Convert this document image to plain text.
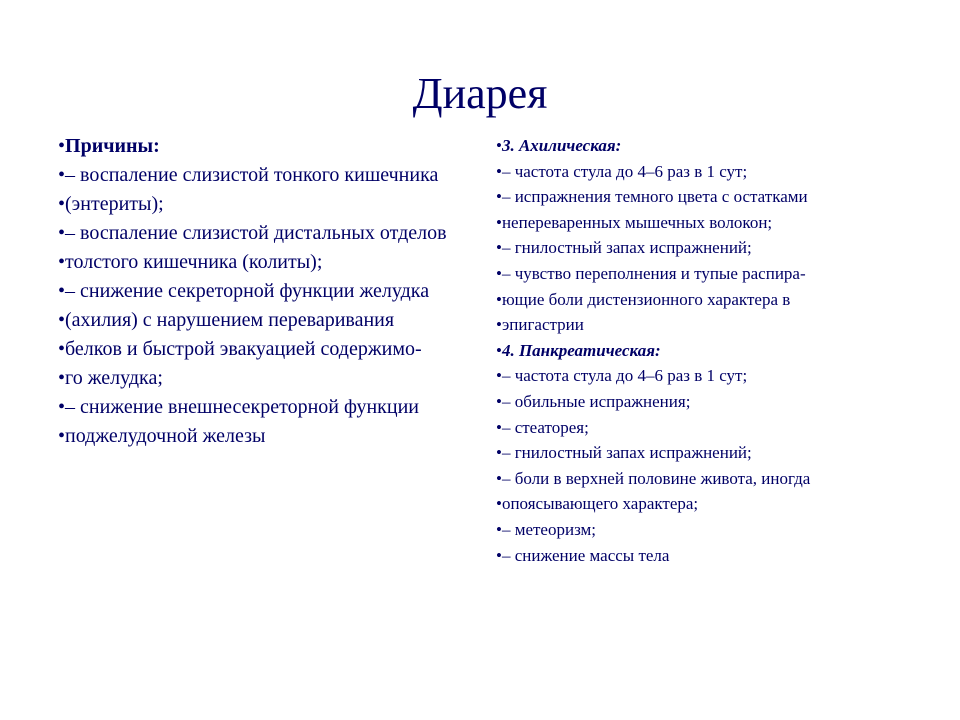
Диарея

•Причины:

•– воспаление слизистой тонкого кишечника

•(энтериты);

•– воспаление слизистой дистальных отделов

•толстого кишечника (колиты);

•– снижение секреторной функции желудка

•(ахилия) с нарушением переваривания

•белков и быстрой эвакуацией содержимо-

•го желудка;

•– снижение внешнесекреторной функции

•поджелудочной железы

•3. Ахилическая:

•– частота стула до 4–6 раз в 1 сут;

•– испражнения темного цвета с остатками

•непереваренных мышечных волокон;

•– гнилостный запах испражнений;

•– чувство переполнения и тупые распира-

•ющие боли дистензионного характера в

•эпигастрии

•4. Панкреатическая:

•– частота стула до 4–6 раз в 1 сут;

•– обильные испражнения;

•– стеаторея;

•– гнилостный запах испражнений;

•– боли в верхней половине живота, иногда

•опоясывающего характера;

•– метеоризм;

•– снижение массы тела
